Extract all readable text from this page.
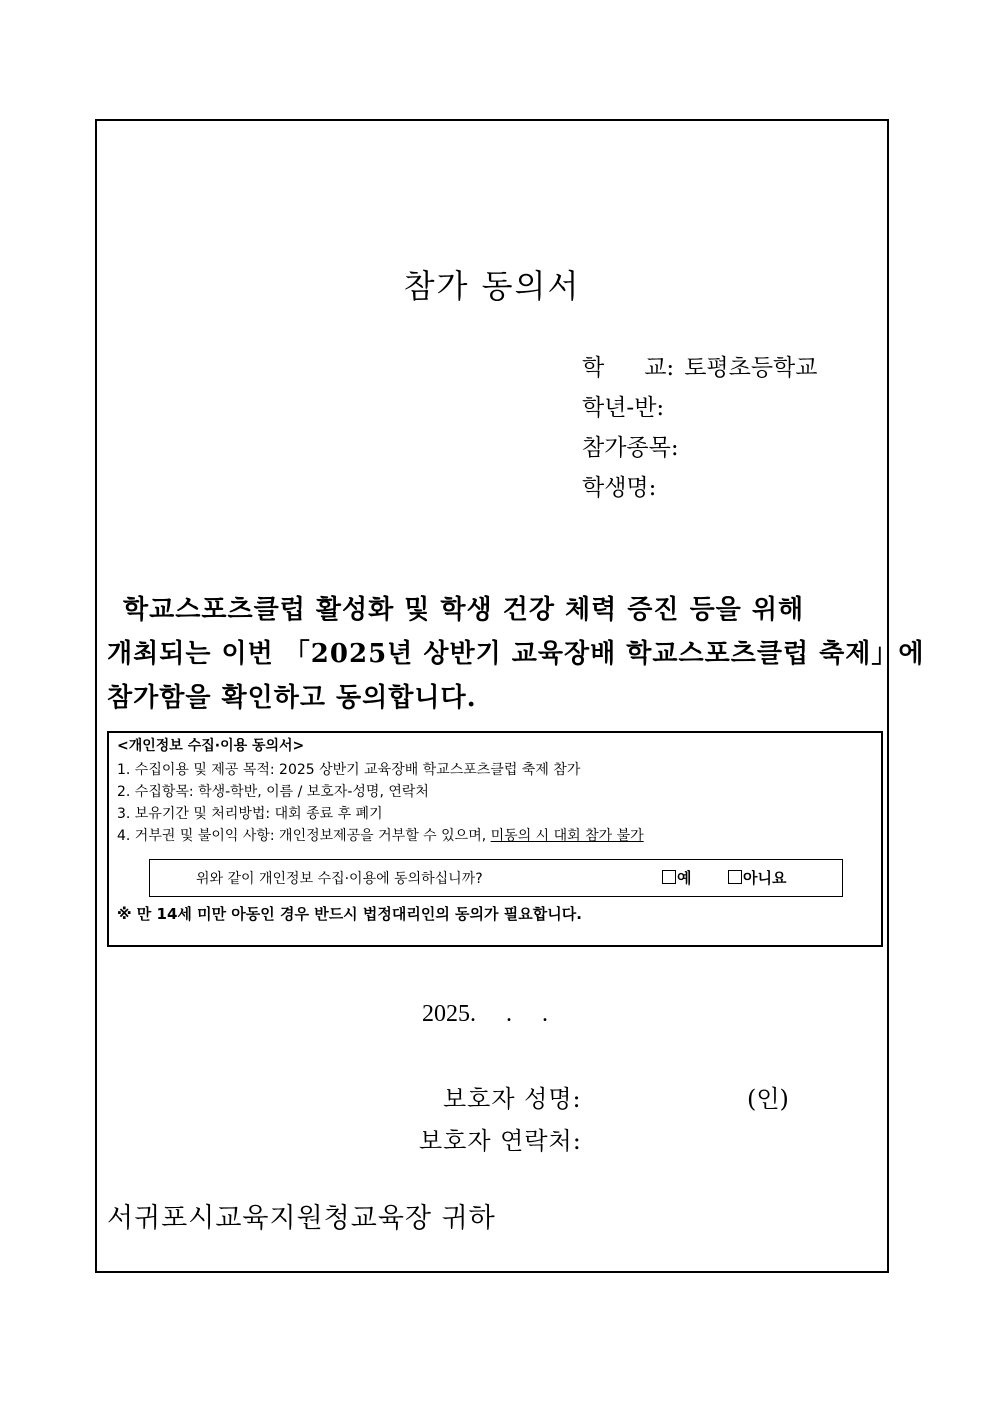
참가 동의서
학 교: 토평초등학교
학년-반:
참가종목:
학생명:
학교스포츠클럽 활성화 및 학생 건강 체력 증진 등을 위해
개최되는 이번 「2025년 상반기 교육장배 학교스포츠클럽 축제」에
참가함을 확인하고 동의합니다.
<개인정보 수집·이용 동의서>
1. 수집이용 및 제공 목적: 2025 상반기 교육장배 학교스포츠클럽 축제 참가
2. 수집항목: 학생-학반, 이름 / 보호자-성명, 연락처
3. 보유기간 및 처리방법: 대회 종료 후 폐기
4. 거부권 및 불이익 사항: 개인정보제공을 거부할 수 있으며, 미동의 시 대회 참가 불가
위와 같이 개인정보 수집·이용에 동의하십니까?	예	아니요
※ 만 14세 미만 아동인 경우 반드시 법정대리인의 동의가 필요합니다.
2025. . .
보호자 성명:	(인)
보호자 연락처:
서귀포시교육지원청교육장 귀하
